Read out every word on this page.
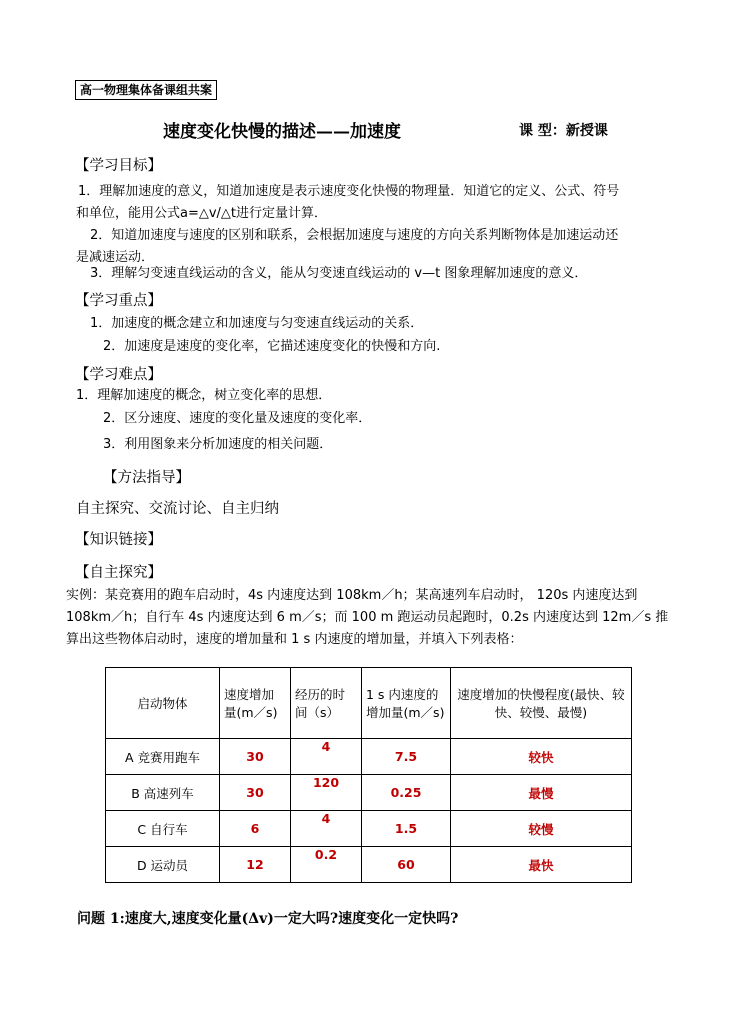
高一物理集体备课组共案
速度变化快慢的描述——加速度	课 型：新授课
【学习目标】
1．理解加速度的意义，知道加速度是表示速度变化快慢的物理量．知道它的定义、公式、符号
和单位，能用公式a=△v/△t进行定量计算．
2．知道加速度与速度的区别和联系，会根据加速度与速度的方向关系判断物体是加速运动还
是减速运动．
3．理解匀变速直线运动的含义，能从匀变速直线运动的 v—t 图象理解加速度的意义．
【学习重点】
1．加速度的概念建立和加速度与匀变速直线运动的关系．
2．加速度是速度的变化率，它描述速度变化的快慢和方向.
【学习难点】
1．理解加速度的概念，树立变化率的思想．
2．区分速度、速度的变化量及速度的变化率．
3．利用图象来分析加速度的相关问题．
【方法指导】
自主探究、交流讨论、自主归纳
【知识链接】
【自主探究】
实例：某竞赛用的跑车启动时，4s 内速度达到 108km／h；某高速列车启动时， 120s 内速度达到
108km／h；自行车 4s 内速度达到 6 m／s；而 100 m 跑运动员起跑时，0.2s 内速度达到 12m／s 推
算出这些物体启动时，速度的增加量和 1 s 内速度的增加量，并填入下列表格：
启动物体	速度增加量(m／s)	经历的时间（s）	1 s 内速度的增加量(m／s)	速度增加的快慢程度(最快、较快、较慢、最慢)
A 竞赛用跑车	30	4	7.5	较快
B 高速列车	30	120	0.25	最慢
C 自行车	6	4	1.5	较慢
D 运动员	12	0.2	60	最快
问题 1:速度大,速度变化量(Δv)一定大吗?速度变化一定快吗?
